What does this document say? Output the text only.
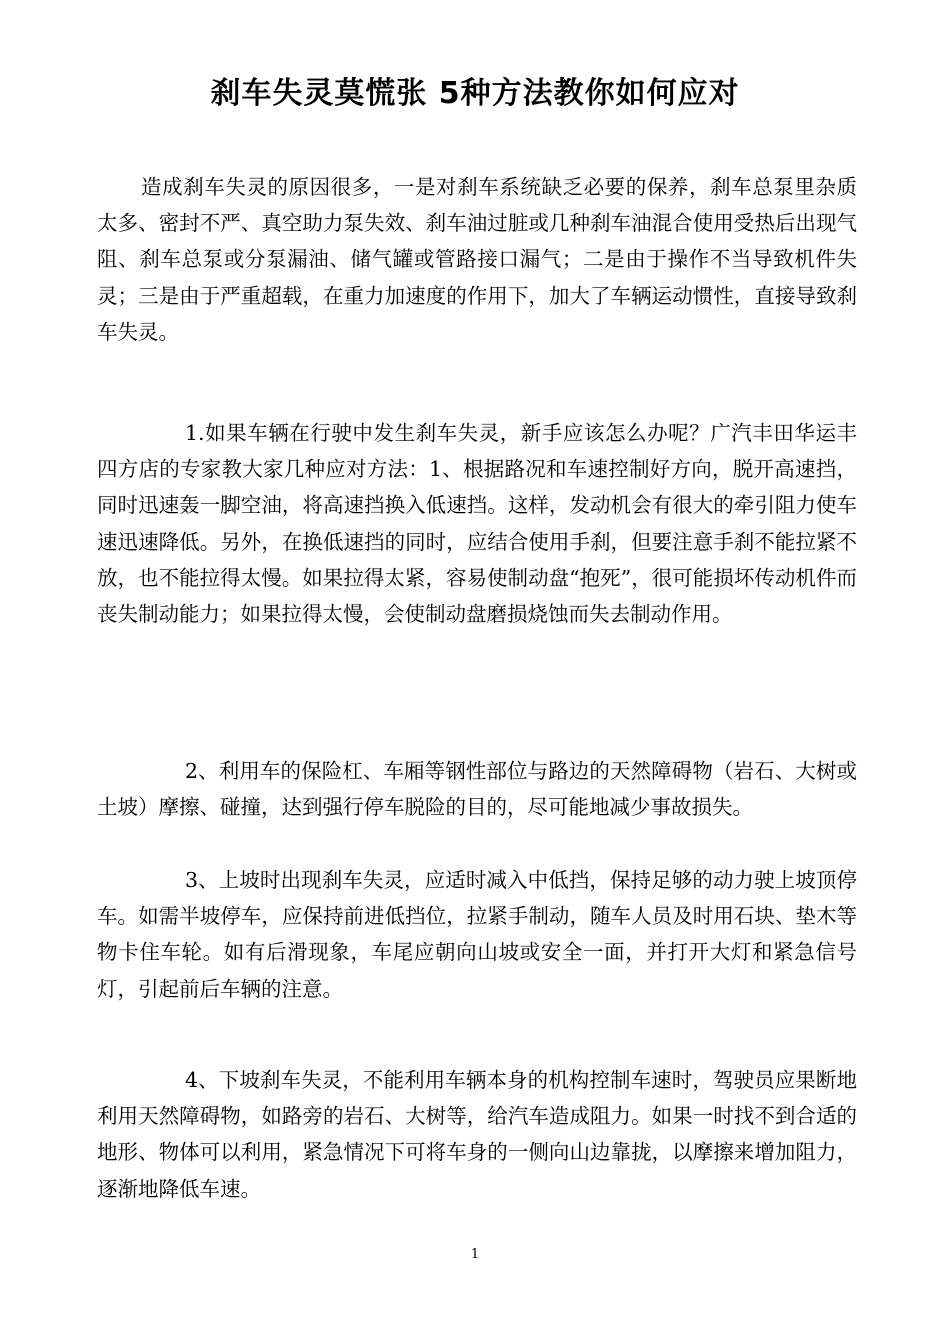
刹车失灵莫慌张 5种方法教你如何应对

造成刹车失灵的原因很多，一是对刹车系统缺乏必要的保养，刹车总泵里杂质太多、密封不严、真空助力泵失效、刹车油过脏或几种刹车油混合使用受热后出现气阻、刹车总泵或分泵漏油、储气罐或管路接口漏气；二是由于操作不当导致机件失灵；三是由于严重超载，在重力加速度的作用下，加大了车辆运动惯性，直接导致刹车失灵。

1.如果车辆在行驶中发生刹车失灵，新手应该怎么办呢？广汽丰田华运丰四方店的专家教大家几种应对方法：1、根据路况和车速控制好方向，脱开高速挡，同时迅速轰一脚空油，将高速挡换入低速挡。这样，发动机会有很大的牵引阻力使车速迅速降低。另外，在换低速挡的同时，应结合使用手刹，但要注意手刹不能拉紧不放，也不能拉得太慢。如果拉得太紧，容易使制动盘“抱死”，很可能损坏传动机件而丧失制动能力；如果拉得太慢，会使制动盘磨损烧蚀而失去制动作用。

2、利用车的保险杠、车厢等钢性部位与路边的天然障碍物（岩石、大树或土坡）摩擦、碰撞，达到强行停车脱险的目的，尽可能地减少事故损失。

3、上坡时出现刹车失灵，应适时减入中低挡，保持足够的动力驶上坡顶停车。如需半坡停车，应保持前进低挡位，拉紧手制动，随车人员及时用石块、垫木等物卡住车轮。如有后滑现象，车尾应朝向山坡或安全一面，并打开大灯和紧急信号灯，引起前后车辆的注意。

4、下坡刹车失灵，不能利用车辆本身的机构控制车速时，驾驶员应果断地利用天然障碍物，如路旁的岩石、大树等，给汽车造成阻力。如果一时找不到合适的地形、物体可以利用，紧急情况下可将车身的一侧向山边靠拢，以摩擦来增加阻力，逐渐地降低车速。

1
